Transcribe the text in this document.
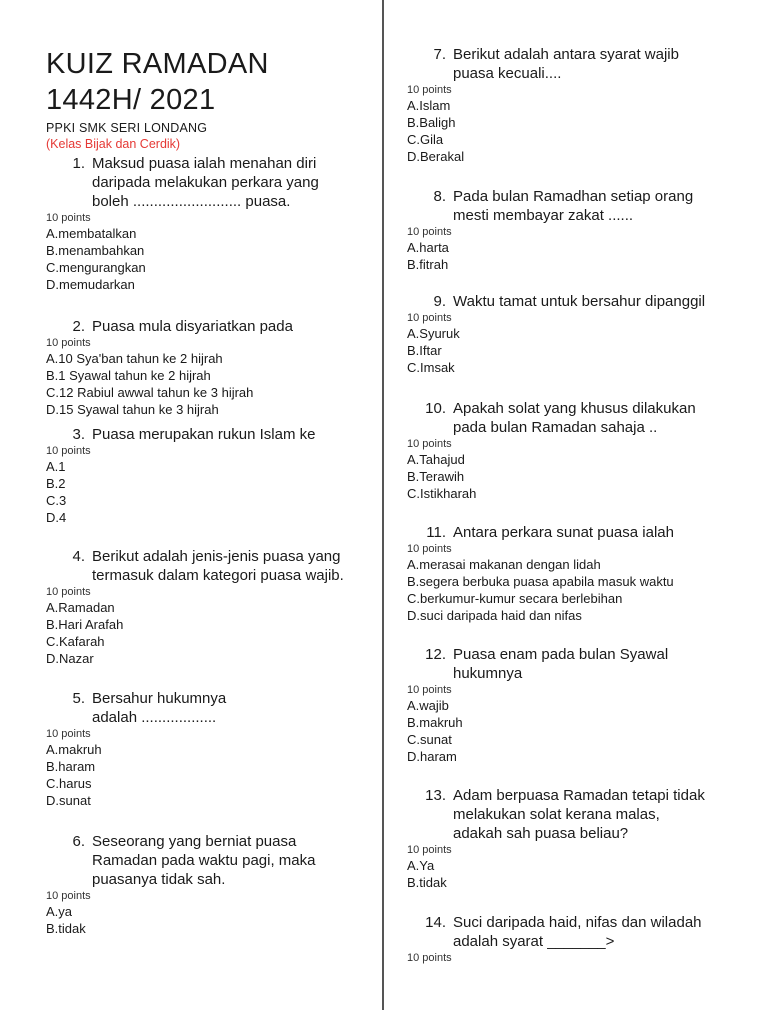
KUIZ RAMADAN
1442H/ 2021
PPKI SMK SERI LONDANG
(Kelas Bijak dan Cerdik)
1. Maksud puasa ialah menahan diri
daripada melakukan perkara yang
boleh .......................... puasa.
10 points
A.membatalkan
B.menambahkan
C.mengurangkan
D.memudarkan
2. Puasa mula disyariatkan pada
10 points
A.10 Sya'ban tahun ke 2 hijrah
B.1 Syawal tahun ke 2 hijrah
C.12 Rabiul awwal tahun ke 3 hijrah
D.15 Syawal tahun ke 3 hijrah
3. Puasa merupakan rukun Islam ke
10 points
A.1
B.2
C.3
D.4
4. Berikut adalah jenis-jenis puasa yang
termasuk dalam kategori puasa wajib.
10 points
A.Ramadan
B.Hari Arafah
C.Kafarah
D.Nazar
5. Bersahur hukumnya
adalah ..................
10 points
A.makruh
B.haram
C.harus
D.sunat
6. Seseorang yang berniat puasa
Ramadan pada waktu pagi, maka
puasanya tidak sah.
10 points
A.ya
B.tidak
7. Berikut adalah antara syarat wajib
puasa kecuali....
10 points
A.Islam
B.Baligh
C.Gila
D.Berakal
8. Pada bulan Ramadhan setiap orang
mesti membayar zakat ......
10 points
A.harta
B.fitrah
9. Waktu tamat untuk bersahur dipanggil
10 points
A.Syuruk
B.Iftar
C.Imsak
10. Apakah solat yang khusus dilakukan
pada bulan Ramadan sahaja ..
10 points
A.Tahajud
B.Terawih
C.Istikharah
11. Antara perkara sunat puasa ialah
10 points
A.merasai makanan dengan lidah
B.segera berbuka puasa apabila masuk waktu
C.berkumur-kumur secara berlebihan
D.suci daripada haid dan nifas
12. Puasa enam pada bulan Syawal
hukumnya
10 points
A.wajib
B.makruh
C.sunat
D.haram
13. Adam berpuasa Ramadan tetapi tidak
melakukan solat kerana malas,
adakah sah puasa beliau?
10 points
A.Ya
B.tidak
14. Suci daripada haid, nifas dan wiladah
adalah syarat _______>
10 points
